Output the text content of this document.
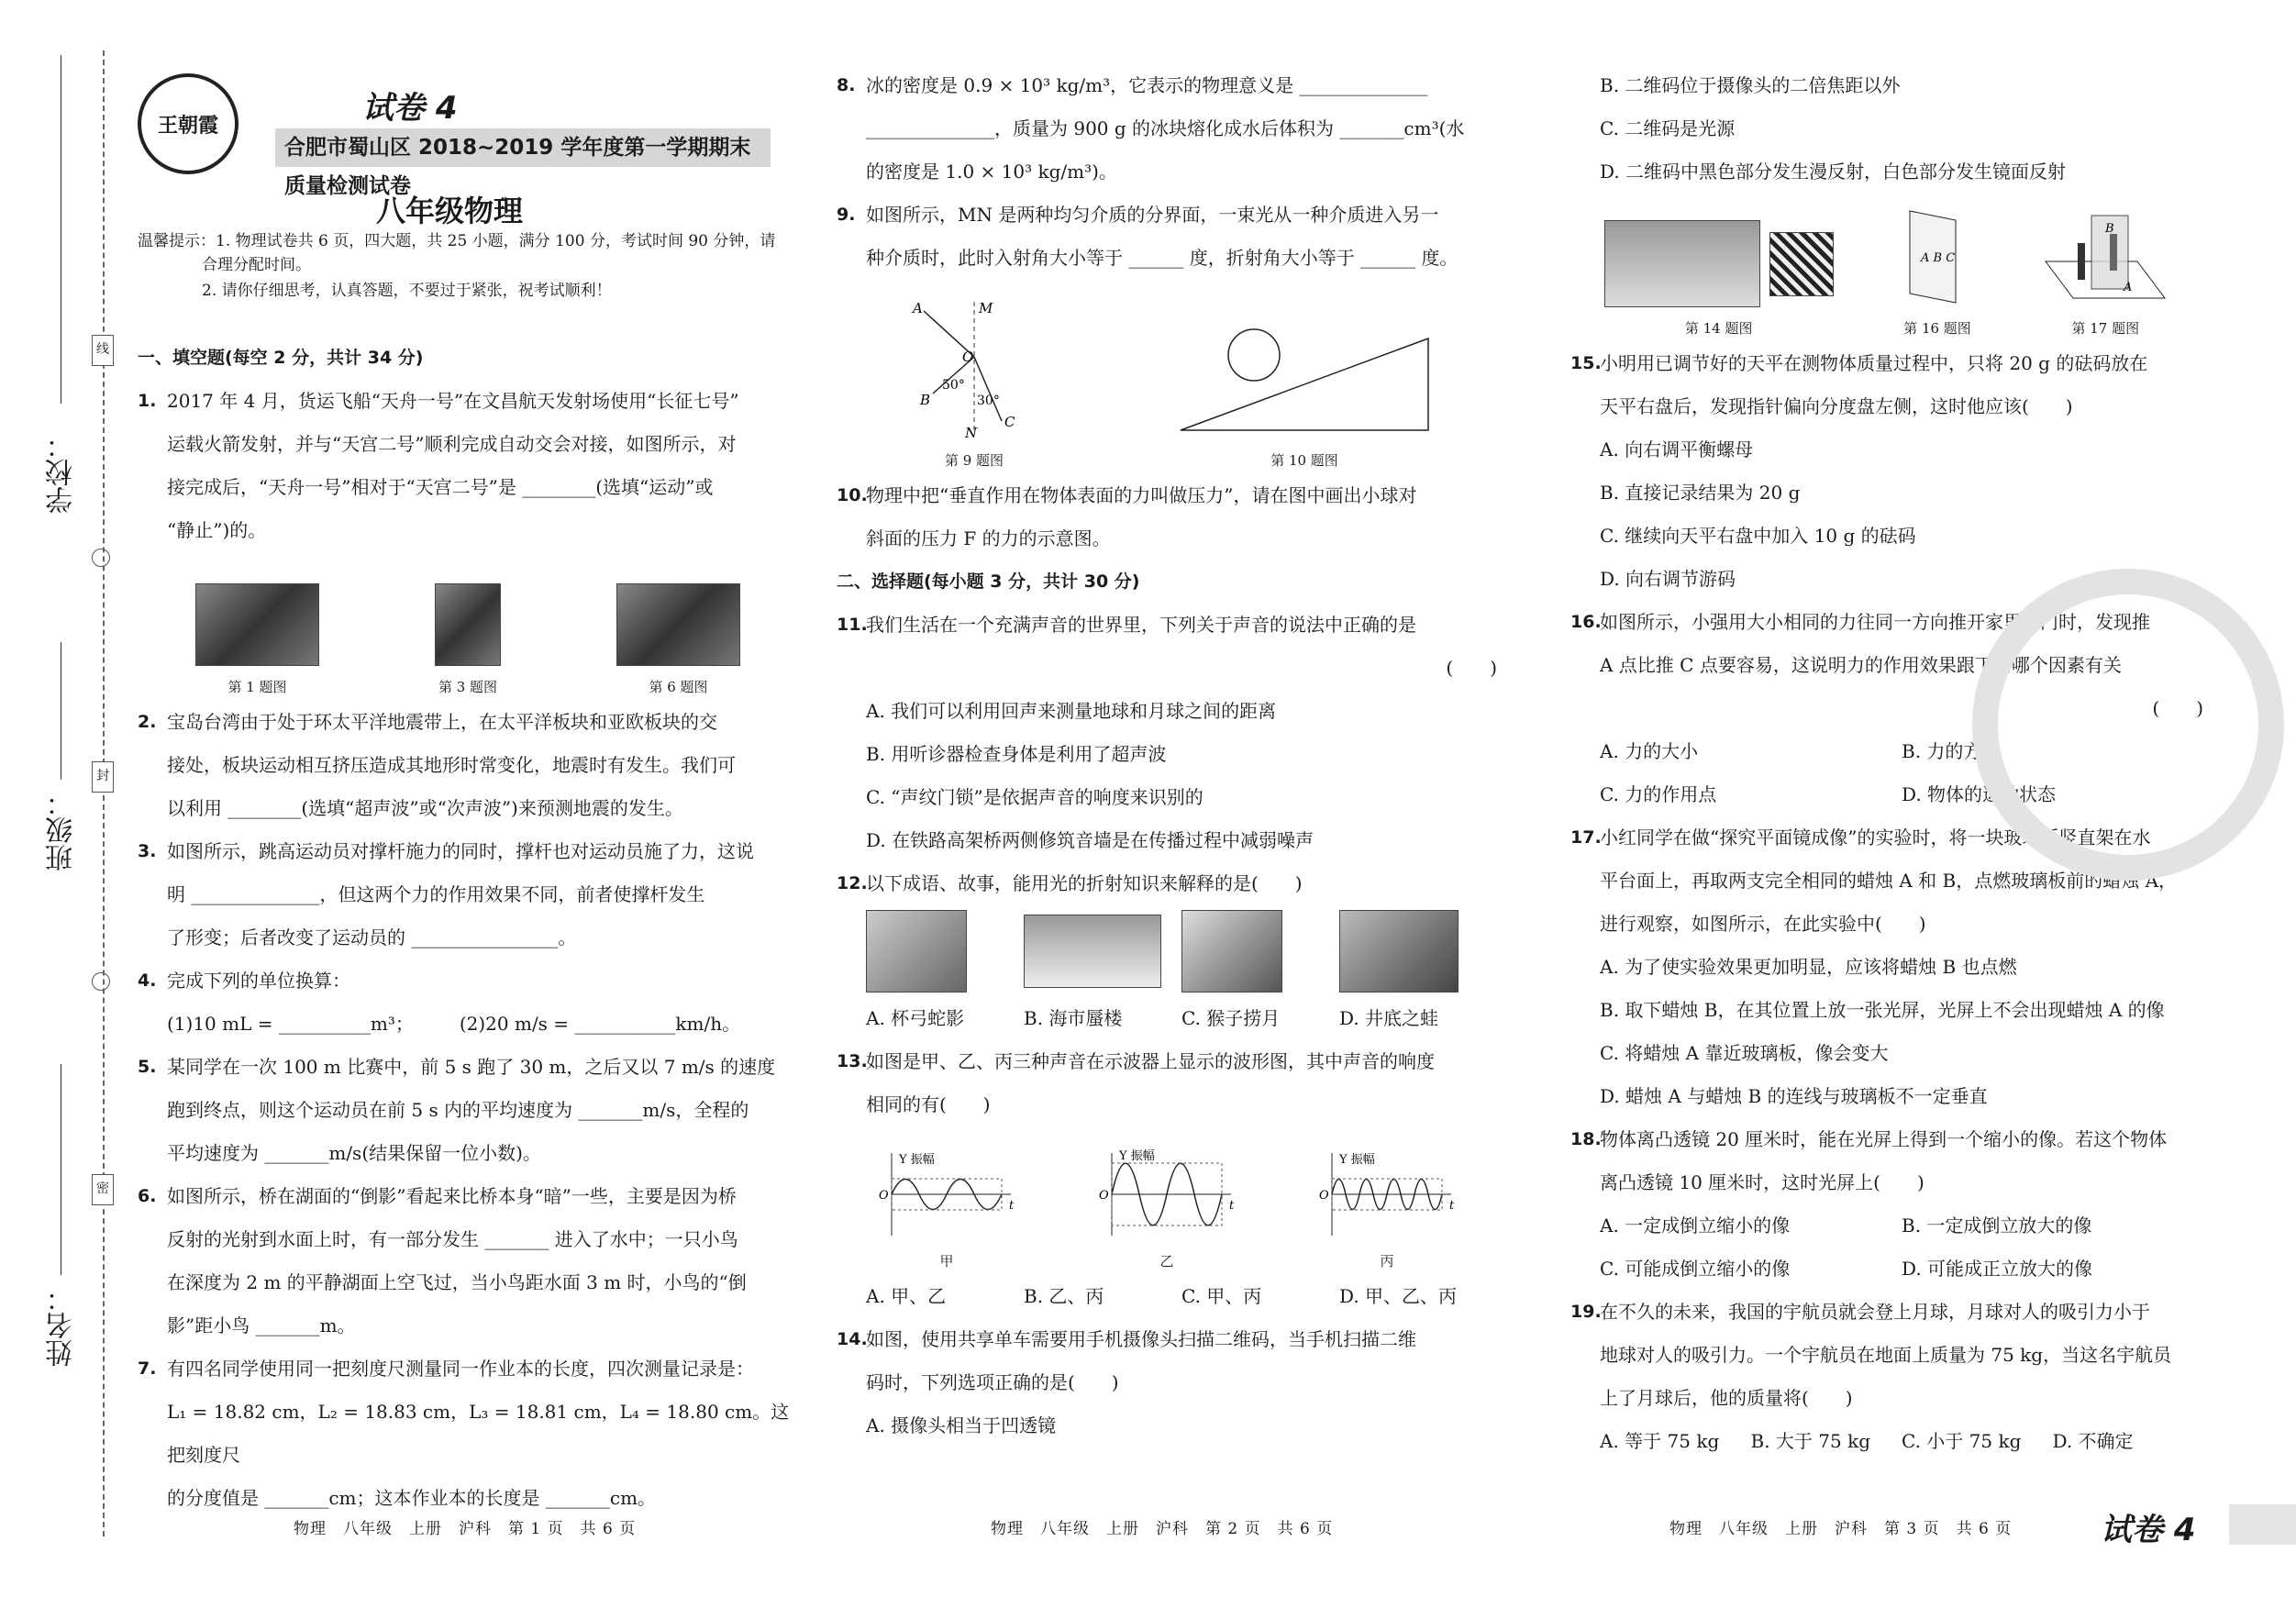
学校：
班级：
姓名：
线
封
密
王朝霞	试卷 4
合肥市蜀山区 2018~2019 学年度第一学期期末质量检测试卷
八年级物理
温馨提示：1. 物理试卷共 6 页，四大题，共 25 小题，满分 100 分，考试时间 90 分钟，请
合理分配时间。
2. 请你仔细思考，认真答题，不要过于紧张，祝考试顺利！
一、填空题(每空 2 分，共计 34 分)
1. 2017 年 4 月，货运飞船“天舟一号”在文昌航天发射场使用“长征七号”
运载火箭发射，并与“天宫二号”顺利完成自动交会对接，如图所示，对
接完成后，“天舟一号”相对于“天宫二号”是 ________(选填“运动”或
“静止”)的。
第 1 题图	第 3 题图	第 6 题图
2. 宝岛台湾由于处于环太平洋地震带上，在太平洋板块和亚欧板块的交
接处，板块运动相互挤压造成其地形时常变化，地震时有发生。我们可
以利用 ________(选填“超声波”或“次声波”)来预测地震的发生。
3. 如图所示，跳高运动员对撑杆施力的同时，撑杆也对运动员施了力，这说
明 ______________，但这两个力的作用效果不同，前者使撑杆发生
了形变；后者改变了运动员的 ________________。
4. 完成下列的单位换算：
(1)10 mL = __________m³；　　　(2)20 m/s = ___________km/h。
5. 某同学在一次 100 m 比赛中，前 5 s 跑了 30 m，之后又以 7 m/s 的速度
跑到终点，则这个运动员在前 5 s 内的平均速度为 _______m/s，全程的
平均速度为 _______m/s(结果保留一位小数)。
6. 如图所示，桥在湖面的“倒影”看起来比桥本身“暗”一些，主要是因为桥
反射的光射到水面上时，有一部分发生 _______ 进入了水中；一只小鸟
在深度为 2 m 的平静湖面上空飞过，当小鸟距水面 3 m 时，小鸟的“倒
影”距小鸟 _______m。
7. 有四名同学使用同一把刻度尺测量同一作业本的长度，四次测量记录是：
L₁ = 18.82 cm，L₂ = 18.83 cm，L₃ = 18.81 cm，L₄ = 18.80 cm。这把刻度尺
的分度值是 _______cm；这本作业本的长度是 _______cm。
8. 冰的密度是 0.9 × 10³ kg/m³，它表示的物理意义是 ______________
______________，质量为 900 g 的冰块熔化成水后体积为 _______cm³(水
的密度是 1.0 × 10³ kg/m³)。
9. 如图所示，MN 是两种均匀介质的分界面，一束光从一种介质进入另一
种介质时，此时入射角大小等于 ______ 度，折射角大小等于 ______ 度。
A	M
O
B
50°
30°
C
N
第 9 题图	第 10 题图
10.
物理中把“垂直作用在物体表面的力叫做压力”，请在图中画出小球对
斜面的压力 F 的力的示意图。
二、选择题(每小题 3 分，共计 30 分)
11.
我们生活在一个充满声音的世界里，下列关于声音的说法中正确的是
(　　)
A. 我们可以利用回声来测量地球和月球之间的距离
B. 用听诊器检查身体是利用了超声波
C. “声纹门锁”是依据声音的响度来识别的
D. 在铁路高架桥两侧修筑音墙是在传播过程中减弱噪声
12.
以下成语、故事，能用光的折射知识来解释的是(　　)
A. 杯弓蛇影	B. 海市蜃楼	C. 猴子捞月	D. 井底之蛙
13.
如图是甲、乙、丙三种声音在示波器上显示的波形图，其中声音的响度
相同的有(　　)
Y 振幅
t
O
甲
Y 振幅
t
O
乙
Y 振幅
t
O
丙
A. 甲、乙	B. 乙、丙	C. 甲、丙	D. 甲、乙、丙
14.
如图，使用共享单车需要用手机摄像头扫描二维码，当手机扫描二维
码时，下列选项正确的是(　　)
A. 摄像头相当于凹透镜
B. 二维码位于摄像头的二倍焦距以外
C. 二维码是光源
D. 二维码中黑色部分发生漫反射，白色部分发生镜面反射
第 14 题图
A B C
第 16 题图
B
A
第 17 题图
15.
小明用已调节好的天平在测物体质量过程中，只将 20 g 的砝码放在
天平右盘后，发现指针偏向分度盘左侧，这时他应该(　　)
A. 向右调平衡螺母
B. 直接记录结果为 20 g
C. 继续向天平右盘中加入 10 g 的砝码
D. 向右调节游码
16.
如图所示，小强用大小相同的力往同一方向推开家里的门时，发现推
A 点比推 C 点要容易，这说明力的作用效果跟下面哪个因素有关
(　　)
A. 力的大小	B. 力的方向
C. 力的作用点	D. 物体的运动状态
17.
小红同学在做“探究平面镜成像”的实验时，将一块玻璃板竖直架在水
平台面上，再取两支完全相同的蜡烛 A 和 B，点燃玻璃板前的蜡烛 A，
进行观察，如图所示，在此实验中(　　)
A. 为了使实验效果更加明显，应该将蜡烛 B 也点燃
B. 取下蜡烛 B，在其位置上放一张光屏，光屏上不会出现蜡烛 A 的像
C. 将蜡烛 A 靠近玻璃板，像会变大
D. 蜡烛 A 与蜡烛 B 的连线与玻璃板不一定垂直
18.
物体离凸透镜 20 厘米时，能在光屏上得到一个缩小的像。若这个物体
离凸透镜 10 厘米时，这时光屏上(　　)
A. 一定成倒立缩小的像	B. 一定成倒立放大的像
C. 可能成倒立缩小的像	D. 可能成正立放大的像
19.
在不久的未来，我国的宇航员就会登上月球，月球对人的吸引力小于
地球对人的吸引力。一个宇航员在地面上质量为 75 kg，当这名宇航员
上了月球后，他的质量将(　　)
A. 等于 75 kg	B. 大于 75 kg	C. 小于 75 kg	D. 不确定
物理　八年级　上册　沪科　第 1 页　共 6 页	物理　八年级　上册　沪科　第 2 页　共 6 页	物理　八年级　上册　沪科　第 3 页　共 6 页	试卷 4
